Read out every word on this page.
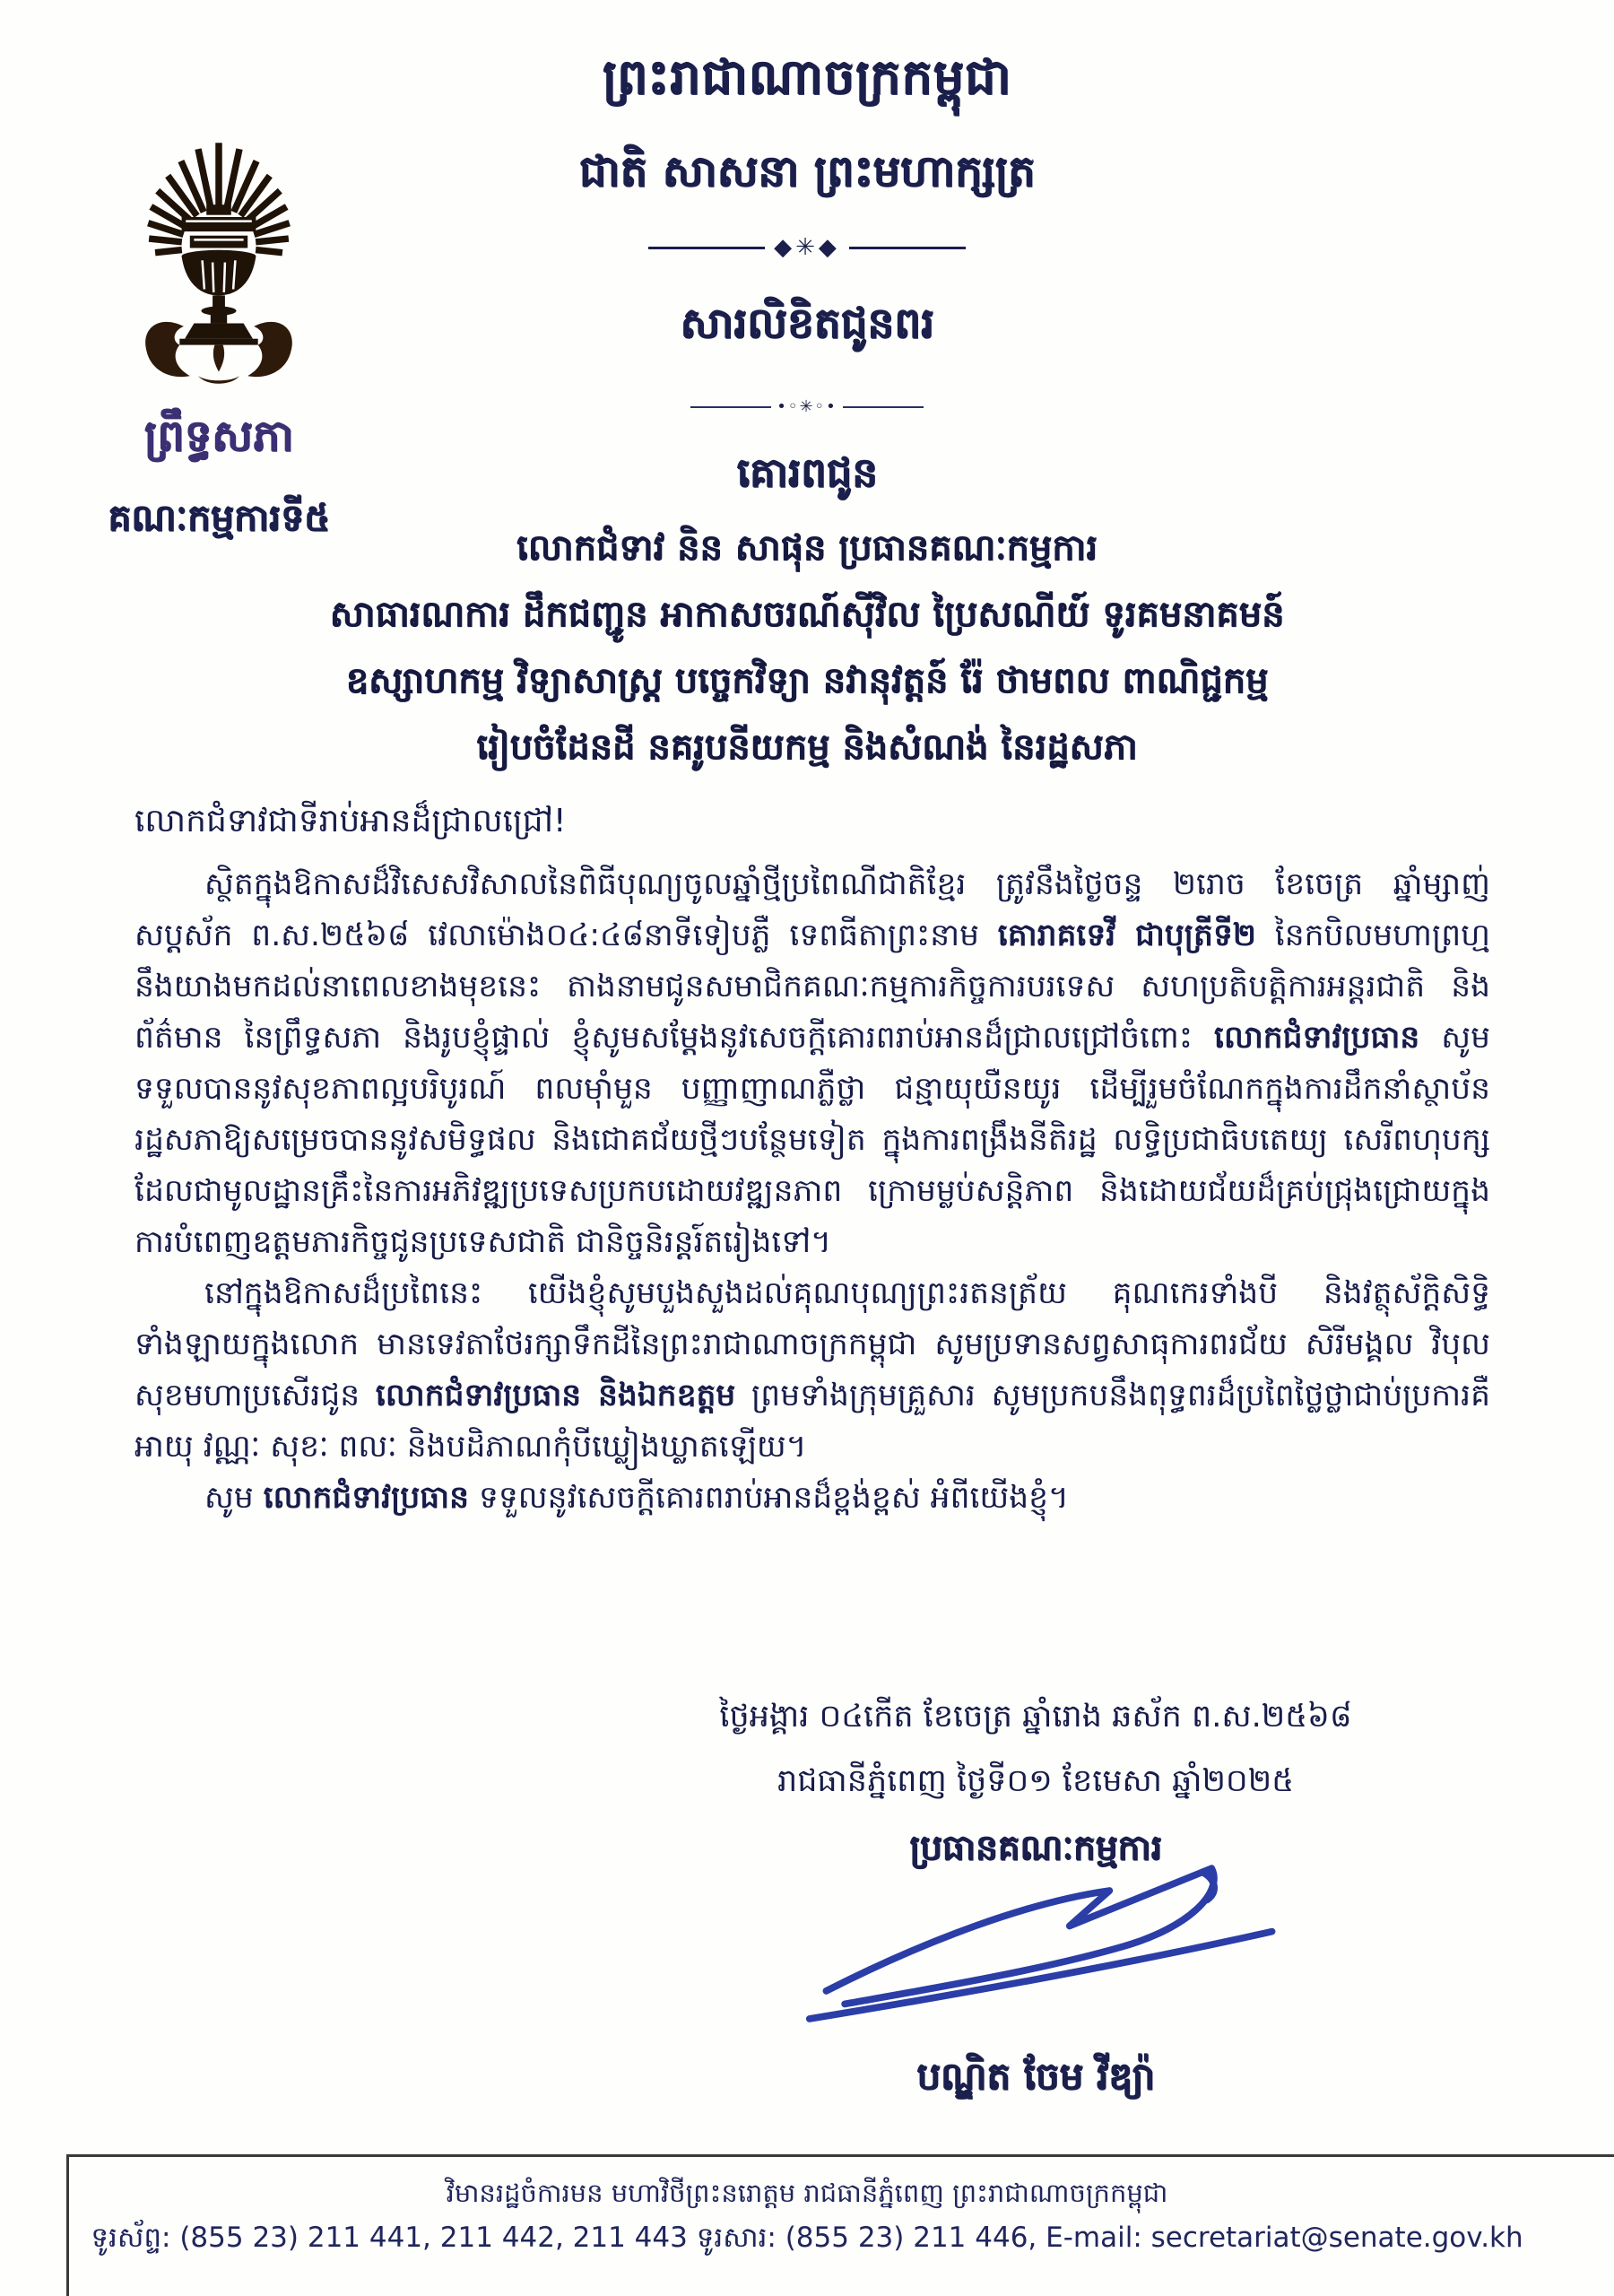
ព្រះរាជាណាចក្រកម្ពុជា
ជាតិ សាសនា ព្រះមហាក្សត្រ
◆✳◆
ព្រឹទ្ធសភា
គណៈកម្មការទី៥
សារលិខិតជូនពរ
•◦✳◦•
គោរពជូន
លោកជំទាវ និន សាផុន ប្រធានគណៈកម្មការ
សាធារណការ ដឹកជញ្ជូន អាកាសចរណ៍ស៊ីវិល ប្រៃសណីយ៍ ទូរគមនាគមន៍
ឧស្សាហកម្ម វិទ្យាសាស្ត្រ បច្ចេកវិទ្យា នវានុវត្តន៍ រ៉ែ ថាមពល ពាណិជ្ជកម្ម
រៀបចំដែនដី នគរូបនីយកម្ម និងសំណង់ នៃរដ្ឋសភា
លោកជំទាវជាទីរាប់អានដ៏ជ្រាលជ្រៅ!

ស្ថិតក្នុងឱកាសដ៏វិសេសវិសាលនៃពិធីបុណ្យចូលឆ្នាំថ្មីប្រពៃណីជាតិខ្មែរ ត្រូវនឹងថ្ងៃចន្ទ ២រោច ខែចេត្រ ឆ្នាំម្សាញ់ សប្តស័ក ព.ស.២៥៦៨ វេលាម៉ោង០៤:៤៨នាទីទៀបភ្លឺ ទេពធីតាព្រះនាម គោរាគទេវី ជាបុត្រីទី២ នៃកបិលមហាព្រហ្ម នឹងយាងមកដល់នាពេលខាងមុខនេះ តាងនាមជូនសមាជិកគណៈកម្មការកិច្ចការបរទេស សហប្រតិបត្តិការអន្តរជាតិ និងព័ត៌មាន នៃព្រឹទ្ធសភា និងរូបខ្ញុំផ្ទាល់ ខ្ញុំសូមសម្តែងនូវសេចក្តីគោរពរាប់អានដ៏ជ្រាលជ្រៅចំពោះ លោកជំទាវប្រធាន សូមទទួលបាននូវសុខភាពល្អបរិបូរណ៍ ពលម៉ាំមួន បញ្ញាញាណភ្លឺថ្លា ជន្មាយុយឺនយូរ ដើម្បីរួមចំណែកក្នុងការដឹកនាំស្ថាប័នរដ្ឋសភាឱ្យសម្រេចបាននូវសមិទ្ធផល និងជោគជ័យថ្មីៗបន្ថែមទៀត ក្នុងការពង្រឹងនីតិរដ្ឋ លទ្ធិប្រជាធិបតេយ្យ សេរីពហុបក្ស ដែលជាមូលដ្ឋានគ្រឹះនៃការអភិវឌ្ឍប្រទេសប្រកបដោយវឌ្ឍនភាព ក្រោមម្លប់សន្តិភាព និងដោយជ័យដ៏គ្រប់ជ្រុងជ្រោយក្នុងការបំពេញឧត្តមភារកិច្ចជូនប្រទេសជាតិ ជានិច្ចនិរន្តរ៍តរៀងទៅ។

នៅក្នុងឱកាសដ៏ប្រពៃនេះ យើងខ្ញុំសូមបួងសួងដល់គុណបុណ្យព្រះរតនត្រ័យ គុណកេរទាំងបី និងវត្ថុស័ក្តិសិទ្ធិទាំងឡាយក្នុងលោក មានទេវតាថែរក្សាទឹកដីនៃព្រះរាជាណាចក្រកម្ពុជា សូមប្រទានសព្វសាធុការពរជ័យ សិរីមង្គល វិបុលសុខមហាប្រសើរជូន លោកជំទាវប្រធាន និងឯកឧត្តម ព្រមទាំងក្រុមគ្រួសារ សូមប្រកបនឹងពុទ្ធពរដ៏ប្រពៃថ្លៃថ្លាជាប់ប្រការគឺ អាយុ វណ្ណៈ សុខៈ ពលៈ និងបដិភាណកុំបីឃ្លៀងឃ្លាតឡើយ។

សូម លោកជំទាវប្រធាន ទទួលនូវសេចក្តីគោរពរាប់អានដ៏ខ្ពង់ខ្ពស់ អំពីយើងខ្ញុំ។

ថ្ងៃអង្គារ ០៤កើត ខែចេត្រ ឆ្នាំរោង ឆស័ក ព.ស.២៥៦៨
រាជធានីភ្នំពេញ ថ្ងៃទី០១ ខែមេសា ឆ្នាំ២០២៥
ប្រធានគណៈកម្មការ
បណ្ឌិត ចែម វីឌ្យ៉ា
វិមានរដ្ឋចំការមន មហាវិថីព្រះនរោត្តម រាជធានីភ្នំពេញ ព្រះរាជាណាចក្រកម្ពុជា
ទូរស័ព្ទ: (855 23) 211 441, 211 442, 211 443 ទូរសារ: (855 23) 211 446, E-mail: secretariat@senate.gov.kh
